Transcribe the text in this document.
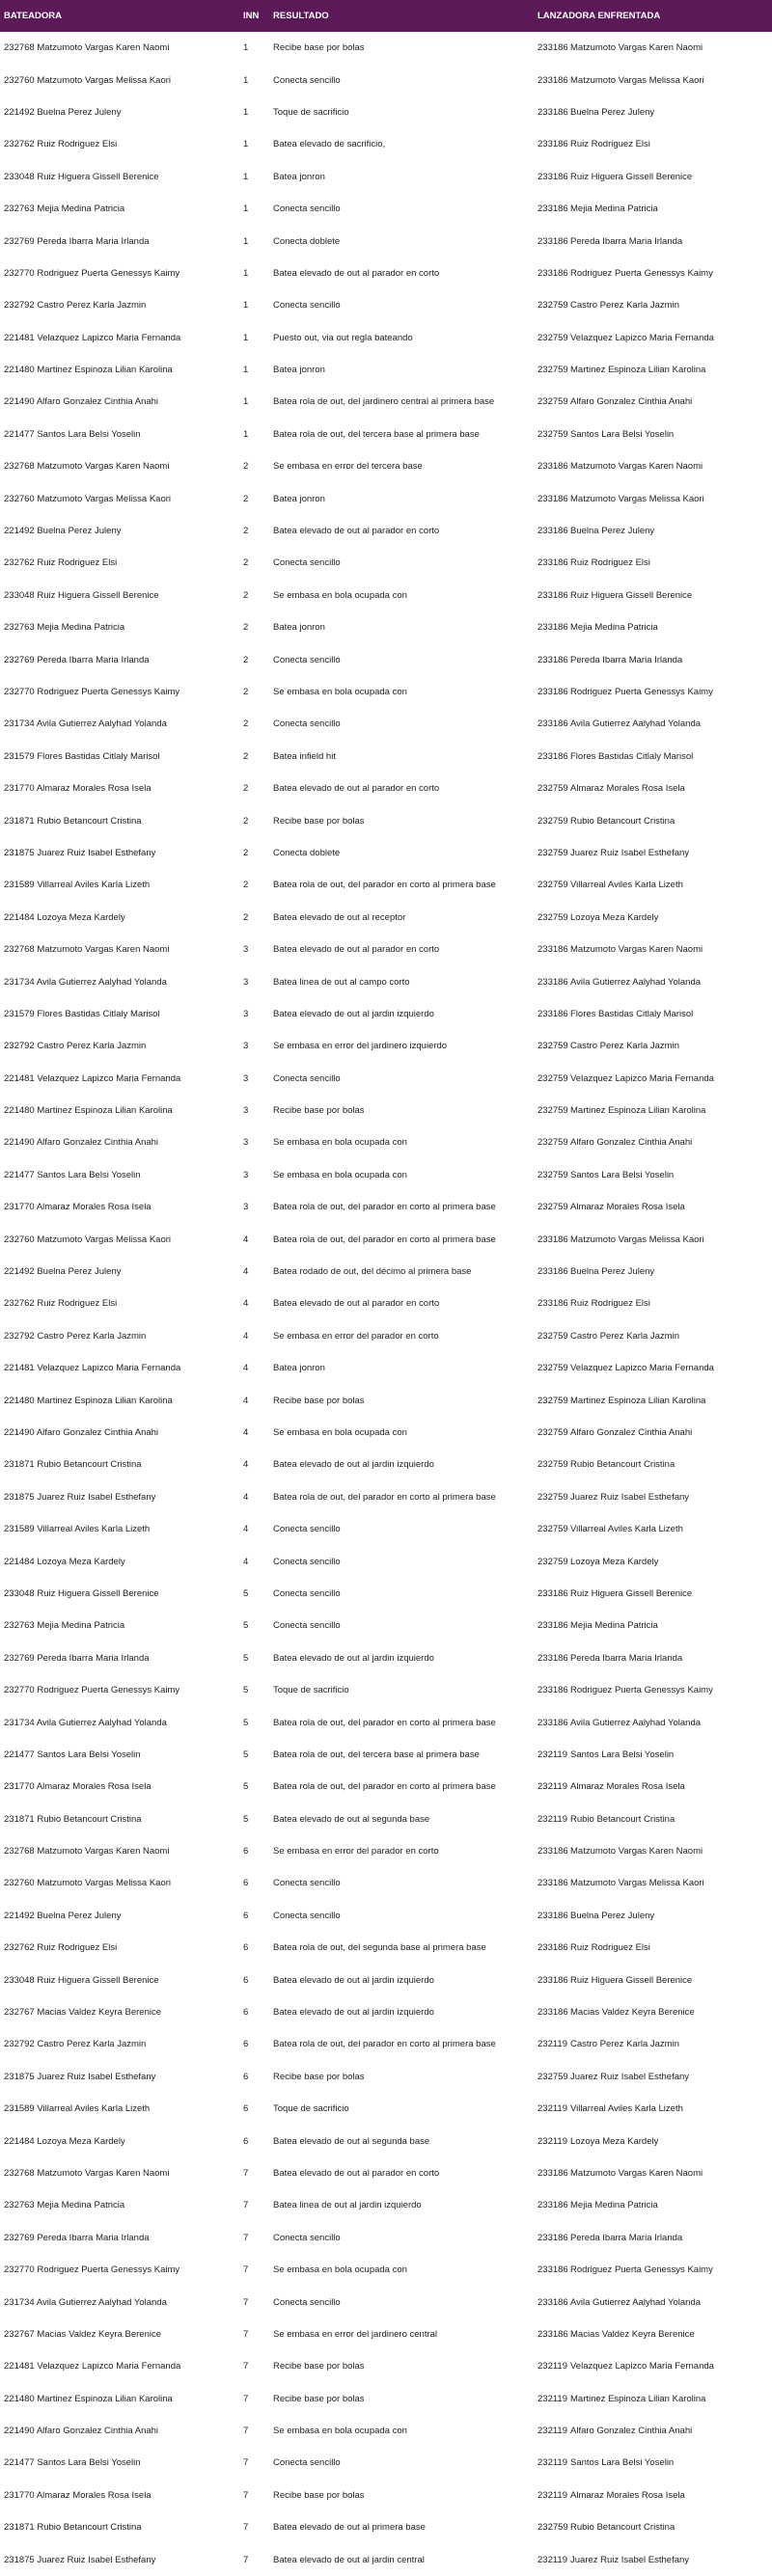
BATEADORA	INN	RESULTADO	LANZADORA ENFRENTADA
232768 Matzumoto Vargas Karen Naomi	1	Recibe base por bolas	233186 Matzumoto Vargas Karen Naomi
232760 Matzumoto Vargas Melissa Kaori	1	Conecta sencillo	233186 Matzumoto Vargas Melissa Kaori
221492 Buelna Perez Juleny	1	Toque de sacrificio	233186 Buelna Perez Juleny
232762 Ruiz Rodriguez Elsi	1	Batea elevado de sacrificio,	233186 Ruiz Rodriguez Elsi
233048 Ruiz Higuera Gissell Berenice	1	Batea jonron	233186 Ruiz Higuera Gissell Berenice
232763 Mejia Medina Patricia	1	Conecta sencillo	233186 Mejia Medina Patricia
232769 Pereda Ibarra Maria Irlanda	1	Conecta doblete	233186 Pereda Ibarra Maria Irlanda
232770 Rodriguez Puerta Genessys Kaimy	1	Batea elevado de out al parador en corto	233186 Rodriguez Puerta Genessys Kaimy
232792 Castro Perez Karla Jazmin	1	Conecta sencillo	232759 Castro Perez Karla Jazmin
221481 Velazquez Lapizco Maria Fernanda	1	Puesto out, via out regla bateando	232759 Velazquez Lapizco Maria Fernanda
221480 Martinez Espinoza Lilian Karolina	1	Batea jonron	232759 Martinez Espinoza Lilian Karolina
221490 Alfaro Gonzalez Cinthia Anahi	1	Batea rola de out, del jardinero central al primera base	232759 Alfaro Gonzalez Cinthia Anahi
221477 Santos Lara Belsi Yoselin	1	Batea rola de out, del tercera base al primera base	232759 Santos Lara Belsi Yoselin
232768 Matzumoto Vargas Karen Naomi	2	Se embasa en error del tercera base	233186 Matzumoto Vargas Karen Naomi
232760 Matzumoto Vargas Melissa Kaori	2	Batea jonron	233186 Matzumoto Vargas Melissa Kaori
221492 Buelna Perez Juleny	2	Batea elevado de out al parador en corto	233186 Buelna Perez Juleny
232762 Ruiz Rodriguez Elsi	2	Conecta sencillo	233186 Ruiz Rodriguez Elsi
233048 Ruiz Higuera Gissell Berenice	2	Se embasa en bola ocupada con	233186 Ruiz Higuera Gissell Berenice
232763 Mejia Medina Patricia	2	Batea jonron	233186 Mejia Medina Patricia
232769 Pereda Ibarra Maria Irlanda	2	Conecta sencillo	233186 Pereda Ibarra Maria Irlanda
232770 Rodriguez Puerta Genessys Kaimy	2	Se embasa en bola ocupada con	233186 Rodriguez Puerta Genessys Kaimy
231734 Avila Gutierrez Aalyhad Yolanda	2	Conecta sencillo	233186 Avila Gutierrez Aalyhad Yolanda
231579 Flores Bastidas Citlaly Marisol	2	Batea infield hit	233186 Flores Bastidas Citlaly Marisol
231770 Almaraz Morales Rosa Isela	2	Batea elevado de out al parador en corto	232759 Almaraz Morales Rosa Isela
231871 Rubio Betancourt Cristina	2	Recibe base por bolas	232759 Rubio Betancourt Cristina
231875 Juarez Ruiz Isabel Esthefany	2	Conecta doblete	232759 Juarez Ruiz Isabel Esthefany
231589 Villarreal Aviles Karla Lizeth	2	Batea rola de out, del parador en corto al primera base	232759 Villarreal Aviles Karla Lizeth
221484 Lozoya Meza Kardely	2	Batea elevado de out al receptor	232759 Lozoya Meza Kardely
232768 Matzumoto Vargas Karen Naomi	3	Batea elevado de out al parador en corto	233186 Matzumoto Vargas Karen Naomi
231734 Avila Gutierrez Aalyhad Yolanda	3	Batea linea de out al campo corto	233186 Avila Gutierrez Aalyhad Yolanda
231579 Flores Bastidas Citlaly Marisol	3	Batea elevado de out al jardin izquierdo	233186 Flores Bastidas Citlaly Marisol
232792 Castro Perez Karla Jazmin	3	Se embasa en error del jardinero izquierdo	232759 Castro Perez Karla Jazmin
221481 Velazquez Lapizco Maria Fernanda	3	Conecta sencillo	232759 Velazquez Lapizco Maria Fernanda
221480 Martinez Espinoza Lilian Karolina	3	Recibe base por bolas	232759 Martinez Espinoza Lilian Karolina
221490 Alfaro Gonzalez Cinthia Anahi	3	Se embasa en bola ocupada con	232759 Alfaro Gonzalez Cinthia Anahi
221477 Santos Lara Belsi Yoselin	3	Se embasa en bola ocupada con	232759 Santos Lara Belsi Yoselin
231770 Almaraz Morales Rosa Isela	3	Batea rola de out, del parador en corto al primera base	232759 Almaraz Morales Rosa Isela
232760 Matzumoto Vargas Melissa Kaori	4	Batea rola de out, del parador en corto al primera base	233186 Matzumoto Vargas Melissa Kaori
221492 Buelna Perez Juleny	4	Batea rodado de out, del décimo al primera base	233186 Buelna Perez Juleny
232762 Ruiz Rodriguez Elsi	4	Batea elevado de out al parador en corto	233186 Ruiz Rodriguez Elsi
232792 Castro Perez Karla Jazmin	4	Se embasa en error del parador en corto	232759 Castro Perez Karla Jazmin
221481 Velazquez Lapizco Maria Fernanda	4	Batea jonron	232759 Velazquez Lapizco Maria Fernanda
221480 Martinez Espinoza Lilian Karolina	4	Recibe base por bolas	232759 Martinez Espinoza Lilian Karolina
221490 Alfaro Gonzalez Cinthia Anahi	4	Se embasa en bola ocupada con	232759 Alfaro Gonzalez Cinthia Anahi
231871 Rubio Betancourt Cristina	4	Batea elevado de out al jardin izquierdo	232759 Rubio Betancourt Cristina
231875 Juarez Ruiz Isabel Esthefany	4	Batea rola de out, del parador en corto al primera base	232759 Juarez Ruiz Isabel Esthefany
231589 Villarreal Aviles Karla Lizeth	4	Conecta sencillo	232759 Villarreal Aviles Karla Lizeth
221484 Lozoya Meza Kardely	4	Conecta sencillo	232759 Lozoya Meza Kardely
233048 Ruiz Higuera Gissell Berenice	5	Conecta sencillo	233186 Ruiz Higuera Gissell Berenice
232763 Mejia Medina Patricia	5	Conecta sencillo	233186 Mejia Medina Patricia
232769 Pereda Ibarra Maria Irlanda	5	Batea elevado de out al jardin izquierdo	233186 Pereda Ibarra Maria Irlanda
232770 Rodriguez Puerta Genessys Kaimy	5	Toque de sacrificio	233186 Rodriguez Puerta Genessys Kaimy
231734 Avila Gutierrez Aalyhad Yolanda	5	Batea rola de out, del parador en corto al primera base	233186 Avila Gutierrez Aalyhad Yolanda
221477 Santos Lara Belsi Yoselin	5	Batea rola de out, del tercera base al primera base	232119 Santos Lara Belsi Yoselin
231770 Almaraz Morales Rosa Isela	5	Batea rola de out, del parador en corto al primera base	232119 Almaraz Morales Rosa Isela
231871 Rubio Betancourt Cristina	5	Batea elevado de out al segunda base	232119 Rubio Betancourt Cristina
232768 Matzumoto Vargas Karen Naomi	6	Se embasa en error del parador en corto	233186 Matzumoto Vargas Karen Naomi
232760 Matzumoto Vargas Melissa Kaori	6	Conecta sencillo	233186 Matzumoto Vargas Melissa Kaori
221492 Buelna Perez Juleny	6	Conecta sencillo	233186 Buelna Perez Juleny
232762 Ruiz Rodriguez Elsi	6	Batea rola de out, del segunda base al primera base	233186 Ruiz Rodriguez Elsi
233048 Ruiz Higuera Gissell Berenice	6	Batea elevado de out al jardin izquierdo	233186 Ruiz Higuera Gissell Berenice
232767 Macias Valdez Keyra Berenice	6	Batea elevado de out al jardin izquierdo	233186 Macias Valdez Keyra Berenice
232792 Castro Perez Karla Jazmin	6	Batea rola de out, del parador en corto al primera base	232119 Castro Perez Karla Jazmin
231875 Juarez Ruiz Isabel Esthefany	6	Recibe base por bolas	232759 Juarez Ruiz Isabel Esthefany
231589 Villarreal Aviles Karla Lizeth	6	Toque de sacrificio	232119 Villarreal Aviles Karla Lizeth
221484 Lozoya Meza Kardely	6	Batea elevado de out al segunda base	232119 Lozoya Meza Kardely
232768 Matzumoto Vargas Karen Naomi	7	Batea elevado de out al parador en corto	233186 Matzumoto Vargas Karen Naomi
232763 Mejia Medina Patricia	7	Batea linea de out al jardin izquierdo	233186 Mejia Medina Patricia
232769 Pereda Ibarra Maria Irlanda	7	Conecta sencillo	233186 Pereda Ibarra Maria Irlanda
232770 Rodriguez Puerta Genessys Kaimy	7	Se embasa en bola ocupada con	233186 Rodriguez Puerta Genessys Kaimy
231734 Avila Gutierrez Aalyhad Yolanda	7	Conecta sencillo	233186 Avila Gutierrez Aalyhad Yolanda
232767 Macias Valdez Keyra Berenice	7	Se embasa en error del jardinero central	233186 Macias Valdez Keyra Berenice
221481 Velazquez Lapizco Maria Fernanda	7	Recibe base por bolas	232119 Velazquez Lapizco Maria Fernanda
221480 Martinez Espinoza Lilian Karolina	7	Recibe base por bolas	232119 Martinez Espinoza Lilian Karolina
221490 Alfaro Gonzalez Cinthia Anahi	7	Se embasa en bola ocupada con	232119 Alfaro Gonzalez Cinthia Anahi
221477 Santos Lara Belsi Yoselin	7	Conecta sencillo	232119 Santos Lara Belsi Yoselin
231770 Almaraz Morales Rosa Isela	7	Recibe base por bolas	232119 Almaraz Morales Rosa Isela
231871 Rubio Betancourt Cristina	7	Batea elevado de out al primera base	232759 Rubio Betancourt Cristina
231875 Juarez Ruiz Isabel Esthefany	7	Batea elevado de out al jardin central	232119 Juarez Ruiz Isabel Esthefany
